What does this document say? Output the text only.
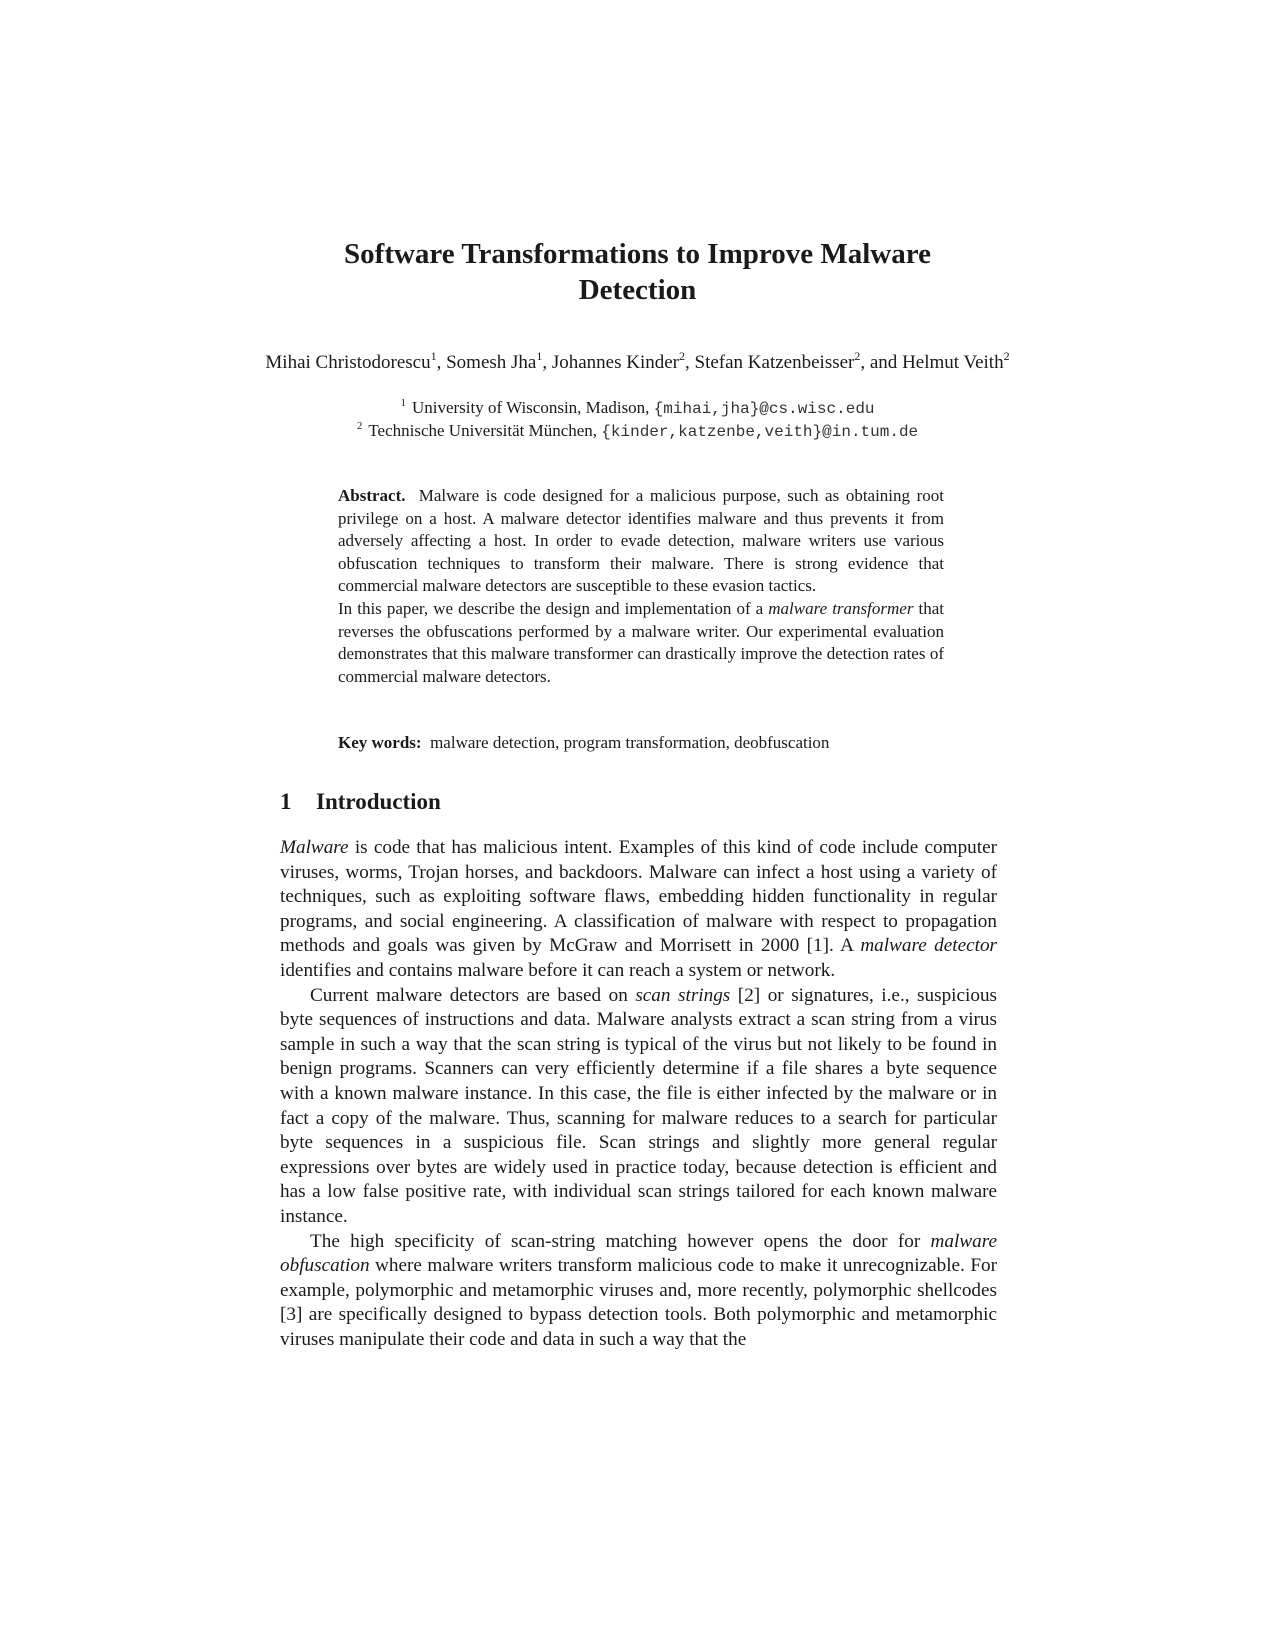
Software Transformations to Improve Malware
Detection
Mihai Christodorescu$^1$, Somesh Jha$^1$, Johannes Kinder$^2$, Stefan Katzenbeisser$^2$, and Helmut Veith$^2$
$^1$ University of Wisconsin, Madison, {mihai,jha}@cs.wisc.edu
$^2$ Technische Universität München, {kinder,katzenbe,veith}@in.tum.de

Abstract. Malware is code designed for a malicious purpose, such as obtaining root privilege on a host. A malware detector identifies malware and thus prevents it from adversely affecting a host. In order to evade detection, malware writers use various obfuscation techniques to transform their malware. There is strong evidence that commercial malware detectors are susceptible to these evasion tactics.

In this paper, we describe the design and implementation of a malware transformer that reverses the obfuscations performed by a malware writer. Our experimental evaluation demonstrates that this malware transformer can drastically improve the detection rates of commercial malware detectors.

Key words: malware detection, program transformation, deobfuscation
1 Introduction

Malware is code that has malicious intent. Examples of this kind of code include computer viruses, worms, Trojan horses, and backdoors. Malware can infect a host using a variety of techniques, such as exploiting software flaws, embedding hidden functionality in regular programs, and social engineering. A classification of malware with respect to propagation methods and goals was given by McGraw and Morrisett in 2000 [1]. A malware detector identifies and contains malware before it can reach a system or network.

Current malware detectors are based on scan strings [2] or signatures, i.e., suspicious byte sequences of instructions and data. Malware analysts extract a scan string from a virus sample in such a way that the scan string is typical of the virus but not likely to be found in benign programs. Scanners can very efficiently determine if a file shares a byte sequence with a known malware instance. In this case, the file is either infected by the malware or in fact a copy of the malware. Thus, scanning for malware reduces to a search for particular byte sequences in a suspicious file. Scan strings and slightly more general regular expressions over bytes are widely used in practice today, because detection is efficient and has a low false positive rate, with individual scan strings tailored for each known malware instance.

The high specificity of scan-string matching however opens the door for malware obfuscation where malware writers transform malicious code to make it unrecognizable. For example, polymorphic and metamorphic viruses and, more recently, polymorphic shellcodes [3] are specifically designed to bypass detection tools. Both polymorphic and metamorphic viruses manipulate their code and data in such a way that the
